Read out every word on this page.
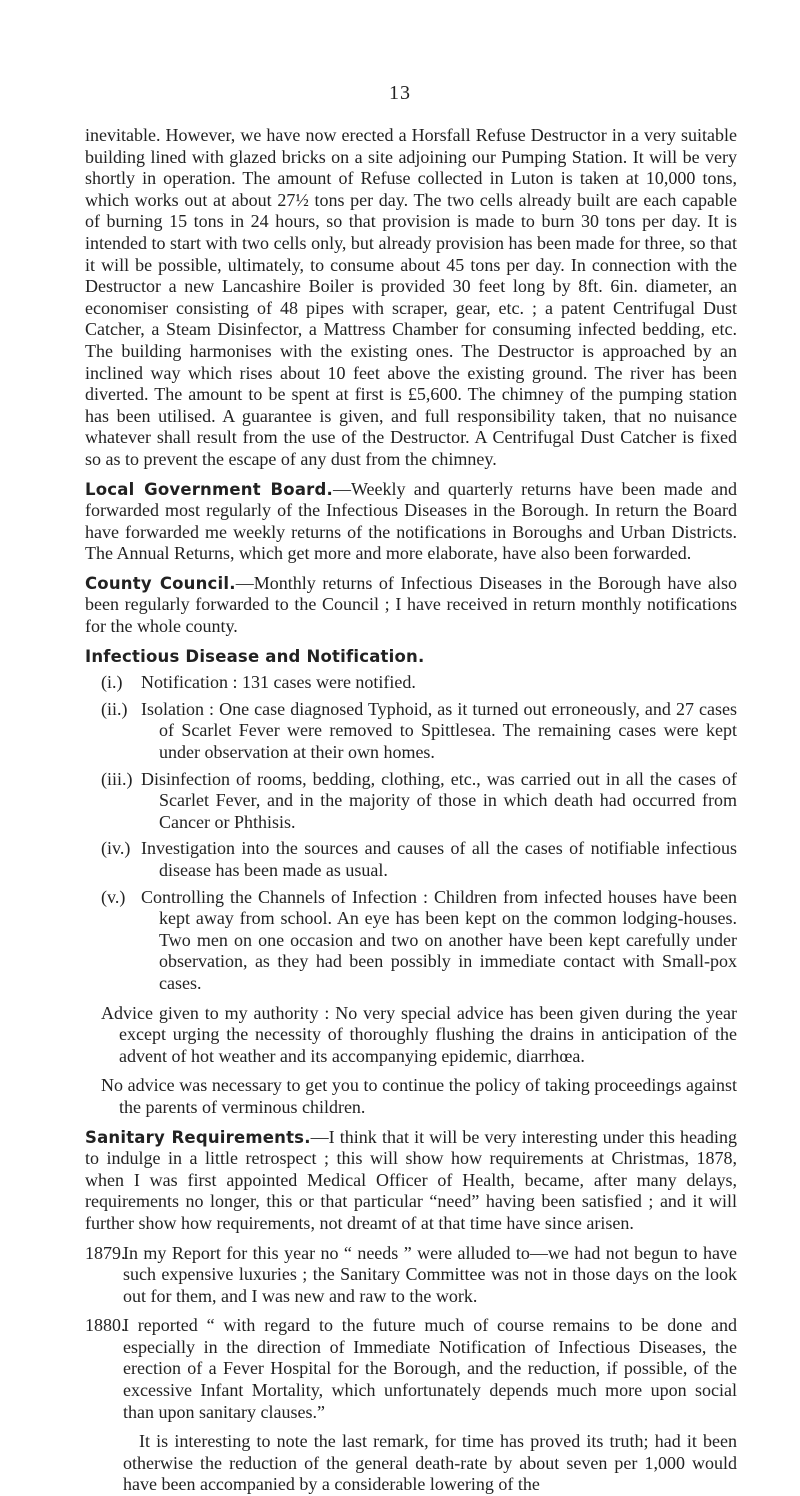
13

inevitable. However, we have now erected a Horsfall Refuse Destructor in a very suitable building lined with glazed bricks on a site adjoining our Pumping Station. It will be very shortly in operation. The amount of Refuse collected in Luton is taken at 10,000 tons, which works out at about 27½ tons per day. The two cells already built are each capable of burning 15 tons in 24 hours, so that provision is made to burn 30 tons per day. It is intended to start with two cells only, but already provision has been made for three, so that it will be possible, ultimately, to consume about 45 tons per day. In connection with the Destructor a new Lancashire Boiler is provided 30 feet long by 8ft. 6in. diameter, an economiser consisting of 48 pipes with scraper, gear, etc. ; a patent Centrifugal Dust Catcher, a Steam Disinfector, a Mattress Chamber for consuming infected bedding, etc. The building harmonises with the existing ones. The Destructor is approached by an inclined way which rises about 10 feet above the existing ground. The river has been diverted. The amount to be spent at first is £5,600. The chimney of the pumping station has been utilised. A guarantee is given, and full responsibility taken, that no nuisance whatever shall result from the use of the Destructor. A Centrifugal Dust Catcher is fixed so as to prevent the escape of any dust from the chimney.

Local Government Board.—Weekly and quarterly returns have been made and forwarded most regularly of the Infectious Diseases in the Borough. In return the Board have forwarded me weekly returns of the notifications in Boroughs and Urban Districts. The Annual Returns, which get more and more elaborate, have also been forwarded.

County Council.—Monthly returns of Infectious Diseases in the Borough have also been regularly forwarded to the Council ; I have received in return monthly notifications for the whole county.

Infectious Disease and Notification.

(i.)	Notification : 131 cases were notified.

(ii.) Isolation : One case diagnosed Typhoid, as it turned out erroneously, and 27 cases of Scarlet Fever were removed to Spittlesea. The remaining cases were kept under observation at their own homes.

(iii.) Disinfection of rooms, bedding, clothing, etc., was carried out in all the cases of Scarlet Fever, and in the majority of those in which death had occurred from Cancer or Phthisis.

(iv.) Investigation into the sources and causes of all the cases of notifiable infectious disease has been made as usual.

(v.) Controlling the Channels of Infection : Children from infected houses have been kept away from school. An eye has been kept on the common lodging-houses. Two men on one occasion and two on another have been kept carefully under observation, as they had been possibly in immediate contact with Small-pox cases.

Advice given to my authority : No very special advice has been given during the year except urging the necessity of thoroughly flushing the drains in anticipation of the advent of hot weather and its accompanying epidemic, diarrhœa.

No advice was necessary to get you to continue the policy of taking proceedings against the parents of verminous children.

Sanitary Requirements.—I think that it will be very interesting under this heading to indulge in a little retrospect ; this will show how requirements at Christmas, 1878, when I was first appointed Medical Officer of Health, became, after many delays, requirements no longer, this or that particular “need” having been satisfied ; and it will further show how requirements, not dreamt of at that time have since arisen.

1879.

In my Report for this year no “ needs ” were alluded to—we had not begun to have such expensive luxuries ; the Sanitary Committee was not in those days on the look out for them, and I was new and raw to the work.

1880.

I reported “ with regard to the future much of course remains to be done and especially in the direction of Immediate Notification of Infectious Diseases, the erection of a Fever Hospital for the Borough, and the reduction, if possible, of the excessive Infant Mortality, which unfortunately depends much more upon social than upon sanitary clauses.”

It is interesting to note the last remark, for time has proved its truth; had it been otherwise the reduction of the general death-rate by about seven per 1,000 would have been accompanied by a considerable lowering of the
